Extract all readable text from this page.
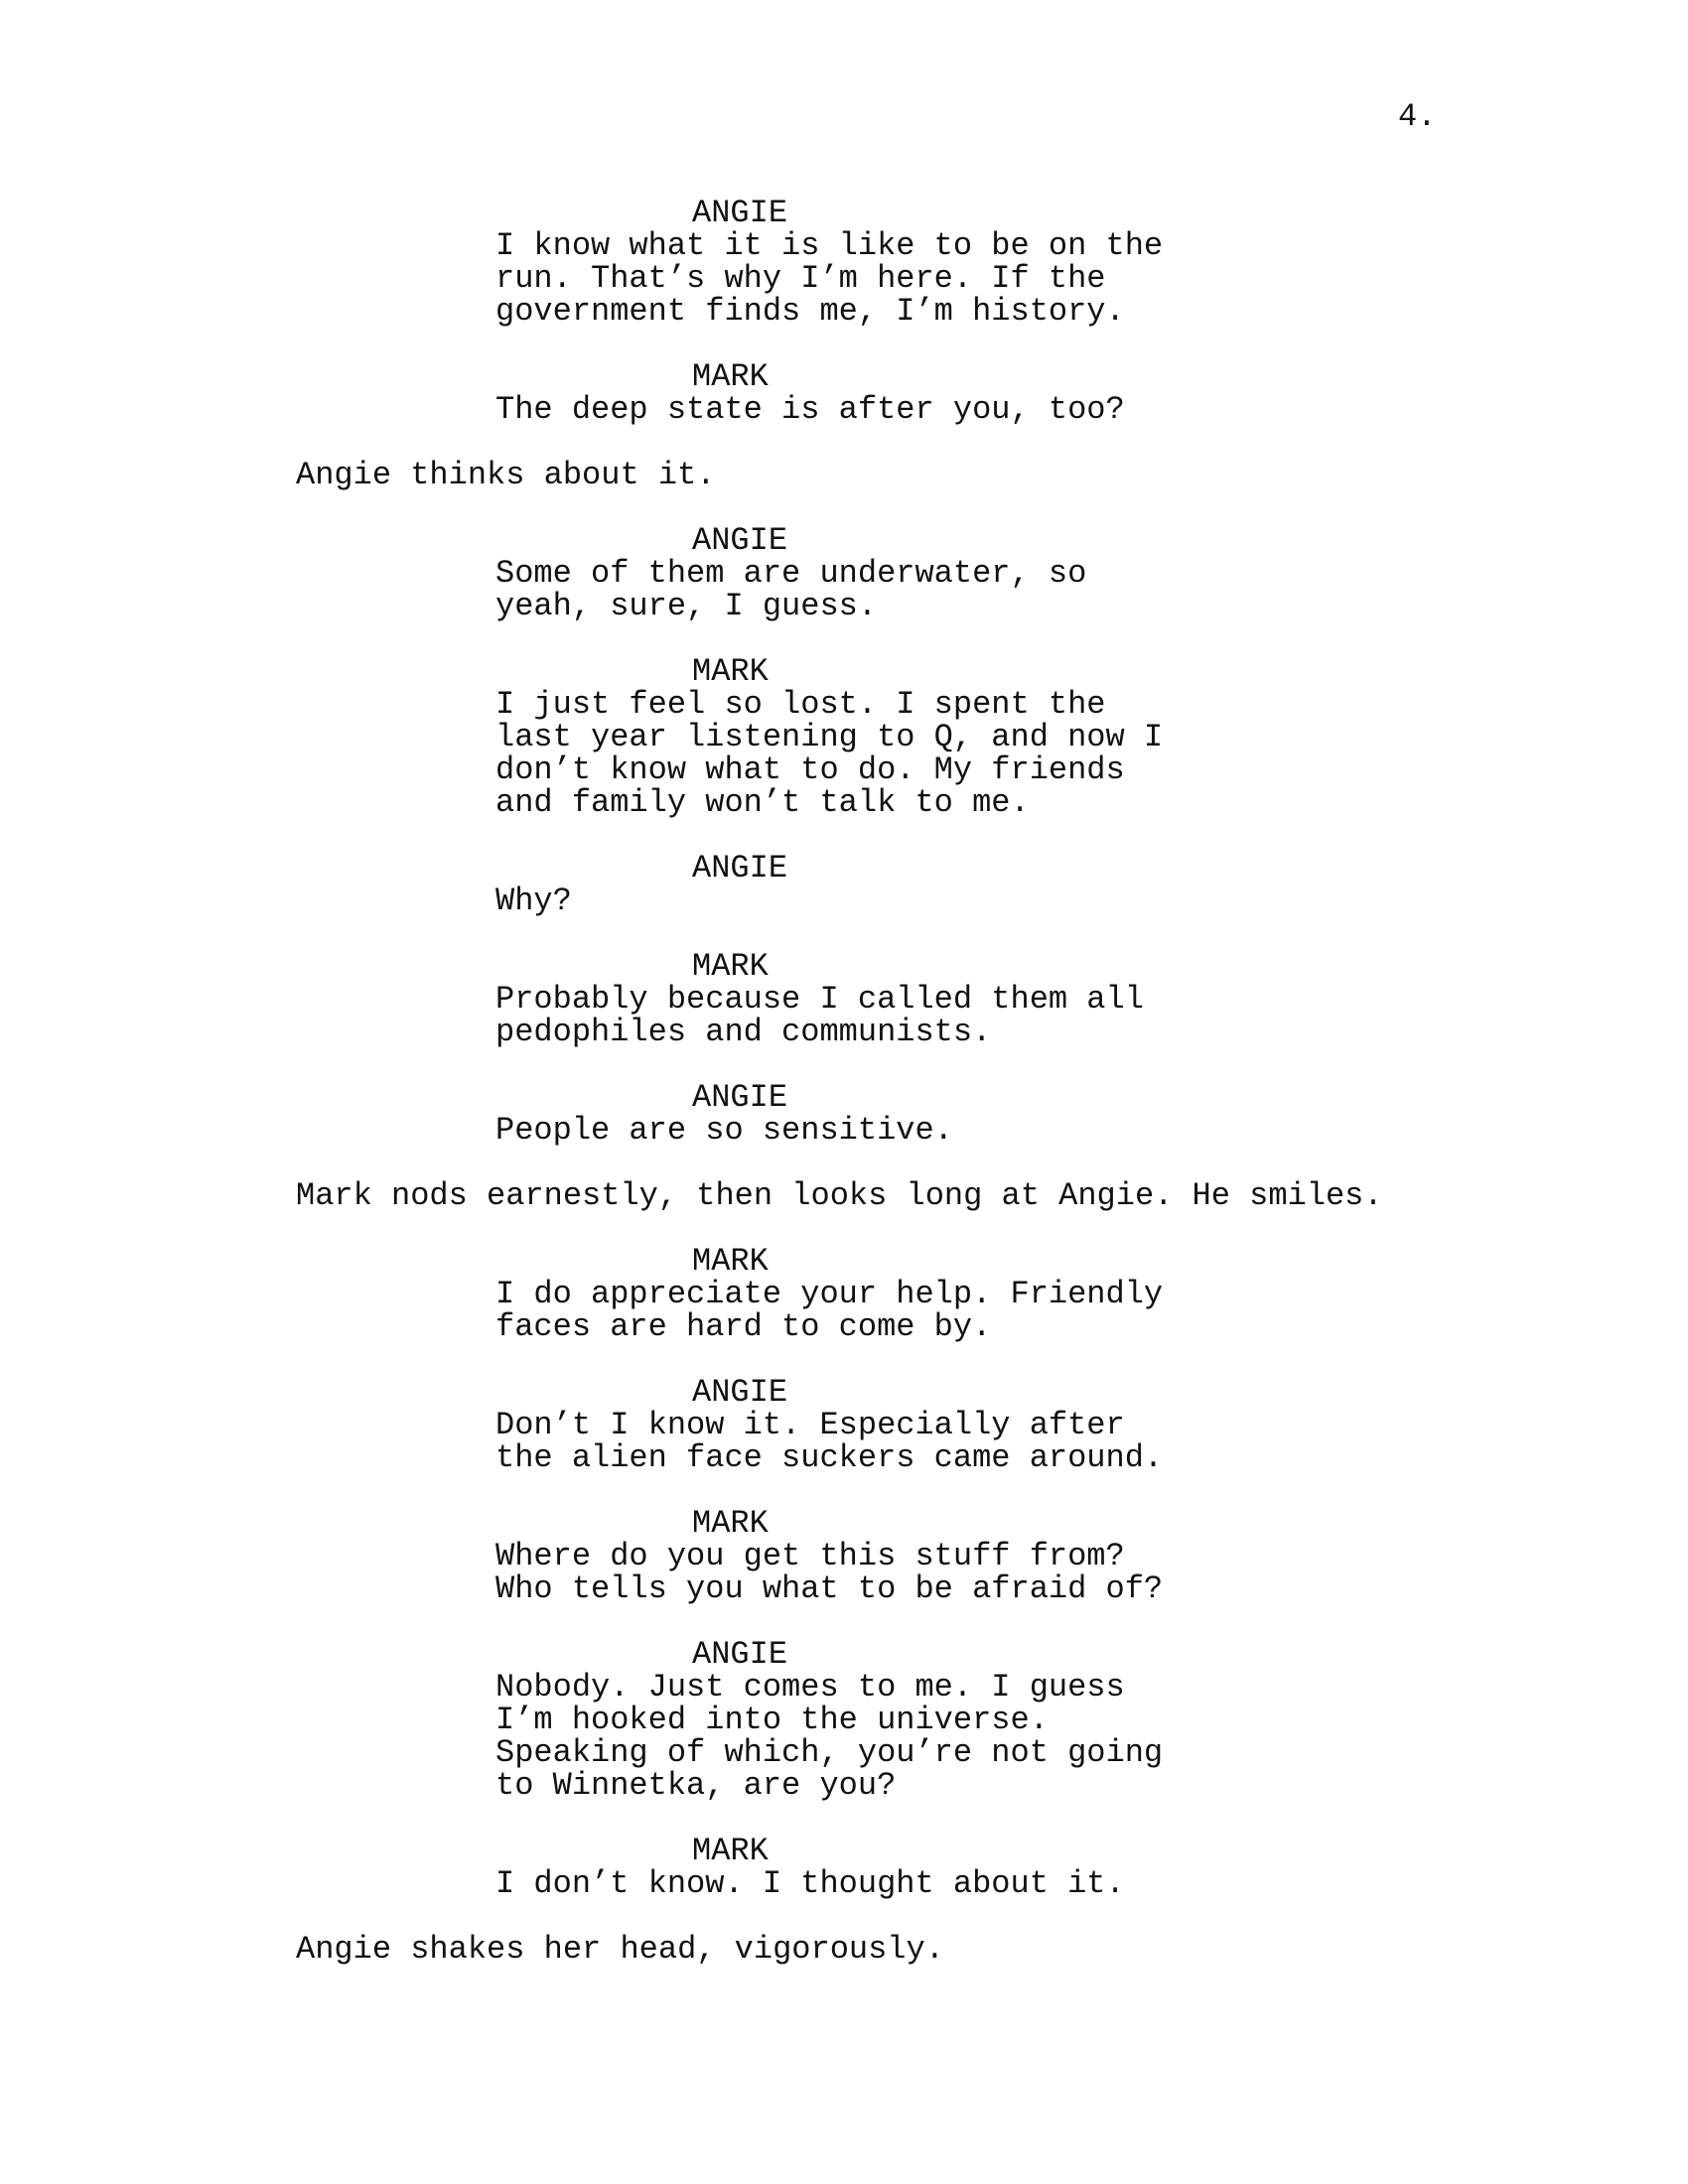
4.
ANGIE
I know what it is like to be on the
run. That’s why I’m here. If the
government finds me, I’m history.
MARK
The deep state is after you, too?
Angie thinks about it.
ANGIE
Some of them are underwater, so
yeah, sure, I guess.
MARK
I just feel so lost. I spent the
last year listening to Q, and now I
don’t know what to do. My friends
and family won’t talk to me.
ANGIE
Why?
MARK
Probably because I called them all
pedophiles and communists.
ANGIE
People are so sensitive.
Mark nods earnestly, then looks long at Angie. He smiles.
MARK
I do appreciate your help. Friendly
faces are hard to come by.
ANGIE
Don’t I know it. Especially after
the alien face suckers came around.
MARK
Where do you get this stuff from?
Who tells you what to be afraid of?
ANGIE
Nobody. Just comes to me. I guess
I’m hooked into the universe.
Speaking of which, you’re not going
to Winnetka, are you?
MARK
I don’t know. I thought about it.
Angie shakes her head, vigorously.
